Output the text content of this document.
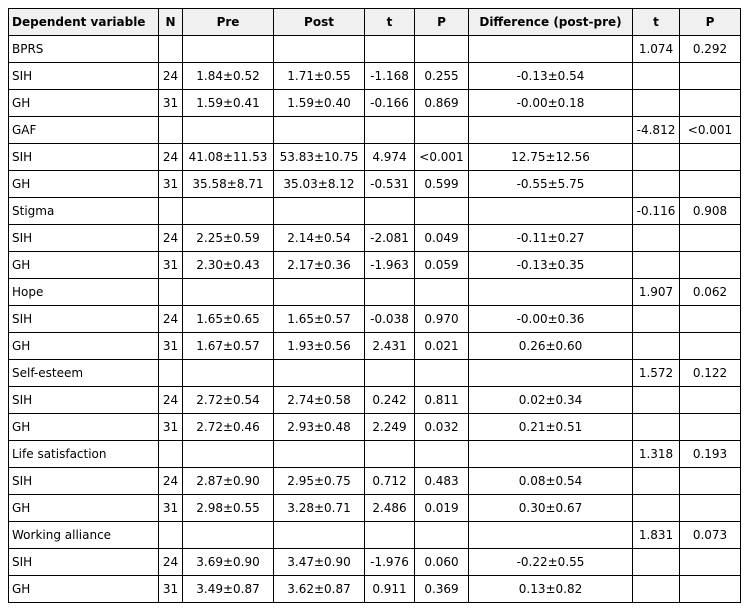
Dependent variable	N	Pre	Post	t	P	Difference (post-pre)	t	P
BPRS							1.074	0.292
SIH	24	1.84±0.52	1.71±0.55	-1.168	0.255	-0.13±0.54		
GH	31	1.59±0.41	1.59±0.40	-0.166	0.869	-0.00±0.18		
GAF							-4.812	<0.001
SIH	24	41.08±11.53	53.83±10.75	4.974	<0.001	12.75±12.56		
GH	31	35.58±8.71	35.03±8.12	-0.531	0.599	-0.55±5.75		
Stigma							-0.116	0.908
SIH	24	2.25±0.59	2.14±0.54	-2.081	0.049	-0.11±0.27		
GH	31	2.30±0.43	2.17±0.36	-1.963	0.059	-0.13±0.35		
Hope							1.907	0.062
SIH	24	1.65±0.65	1.65±0.57	-0.038	0.970	-0.00±0.36		
GH	31	1.67±0.57	1.93±0.56	2.431	0.021	0.26±0.60		
Self-esteem							1.572	0.122
SIH	24	2.72±0.54	2.74±0.58	0.242	0.811	0.02±0.34		
GH	31	2.72±0.46	2.93±0.48	2.249	0.032	0.21±0.51		
Life satisfaction							1.318	0.193
SIH	24	2.87±0.90	2.95±0.75	0.712	0.483	0.08±0.54		
GH	31	2.98±0.55	3.28±0.71	2.486	0.019	0.30±0.67		
Working alliance							1.831	0.073
SIH	24	3.69±0.90	3.47±0.90	-1.976	0.060	-0.22±0.55		
GH	31	3.49±0.87	3.62±0.87	0.911	0.369	0.13±0.82		
